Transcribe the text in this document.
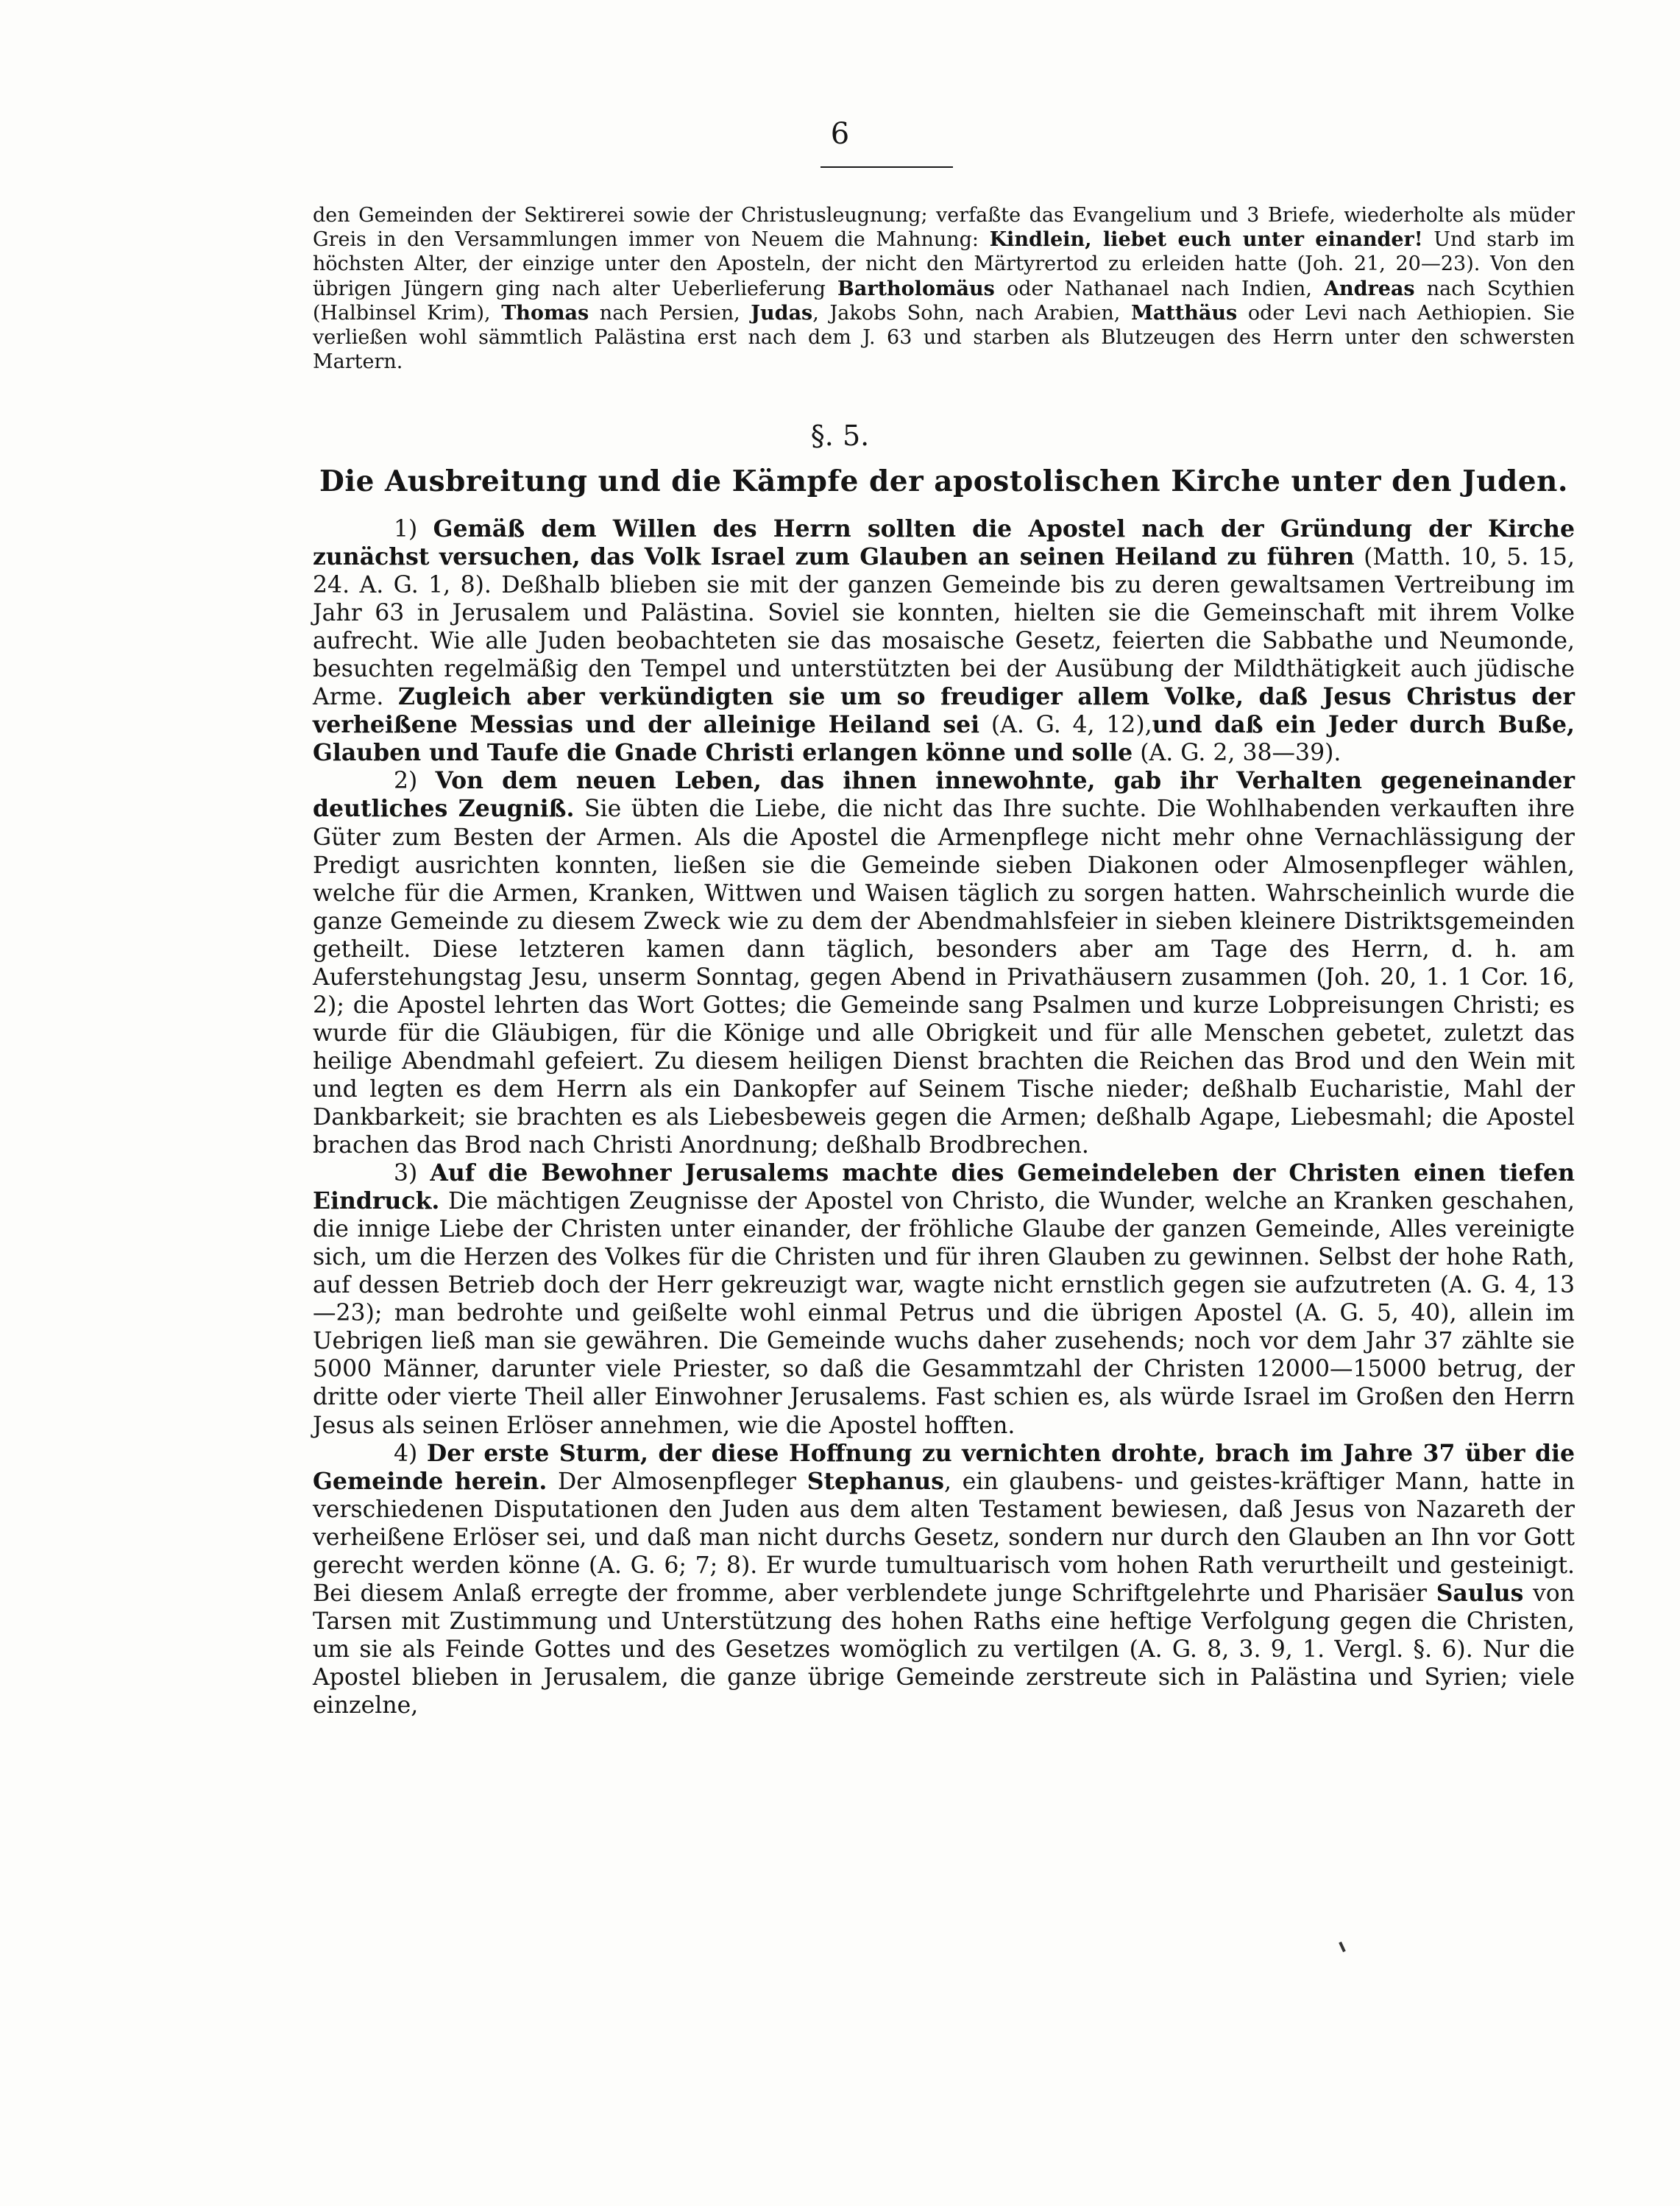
6
den Gemeinden der Sektirerei sowie der Christusleugnung; verfaßte das Evangelium und 3 Briefe, wiederholte als müder Greis in den Versammlungen immer von Neuem die Mahnung: Kindlein, liebet euch unter einander! Und starb im höchsten Alter, der einzige unter den Aposteln, der nicht den Märtyrertod zu erleiden hatte (Joh. 21, 20—23). Von den übrigen Jüngern ging nach alter Ueberlieferung Bartholomäus oder Nathanael nach Indien, Andreas nach Scythien (Halbinsel Krim), Thomas nach Persien, Judas, Jakobs Sohn, nach Arabien, Matthäus oder Levi nach Aethiopien. Sie verließen wohl sämmtlich Palästina erst nach dem J. 63 und starben als Blutzeugen des Herrn unter den schwersten Martern.
§. 5.
Die Ausbreitung und die Kämpfe der apostolischen Kirche unter den Juden.

1) Gemäß dem Willen des Herrn sollten die Apostel nach der Gründung der Kirche zunächst versuchen, das Volk Israel zum Glauben an seinen Heiland zu führen (Matth. 10, 5. 15, 24. A. G. 1, 8). Deßhalb blieben sie mit der ganzen Gemeinde bis zu deren gewaltsamen Vertreibung im Jahr 63 in Jerusalem und Palästina. Soviel sie konnten, hielten sie die Gemeinschaft mit ihrem Volke aufrecht. Wie alle Juden beobachteten sie das mosaische Gesetz, feierten die Sabbathe und Neumonde, besuchten regelmäßig den Tempel und unterstützten bei der Ausübung der Mildthätigkeit auch jüdische Arme. Zugleich aber verkündigten sie um so freudiger allem Volke, daß Jesus Christus der verheißene Messias und der alleinige Heiland sei (A. G. 4, 12),und daß ein Jeder durch Buße, Glauben und Taufe die Gnade Christi erlangen könne und solle (A. G. 2, 38—39).

2) Von dem neuen Leben, das ihnen innewohnte, gab ihr Verhalten gegeneinander deutliches Zeugniß. Sie übten die Liebe, die nicht das Ihre suchte. Die Wohlhabenden verkauften ihre Güter zum Besten der Armen. Als die Apostel die Armenpflege nicht mehr ohne Vernachlässigung der Predigt ausrichten konnten, ließen sie die Gemeinde sieben Diakonen oder Almosenpfleger wählen, welche für die Armen, Kranken, Wittwen und Waisen täglich zu sorgen hatten. Wahrscheinlich wurde die ganze Gemeinde zu diesem Zweck wie zu dem der Abendmahlsfeier in sieben kleinere Distriktsgemeinden getheilt. Diese letzteren kamen dann täglich, besonders aber am Tage des Herrn, d. h. am Auferstehungstag Jesu, unserm Sonntag, gegen Abend in Privathäusern zusammen (Joh. 20, 1. 1 Cor. 16, 2); die Apostel lehrten das Wort Gottes; die Gemeinde sang Psalmen und kurze Lobpreisungen Christi; es wurde für die Gläubigen, für die Könige und alle Obrigkeit und für alle Menschen gebetet, zuletzt das heilige Abendmahl gefeiert. Zu diesem heiligen Dienst brachten die Reichen das Brod und den Wein mit und legten es dem Herrn als ein Dankopfer auf Seinem Tische nieder; deßhalb Eucharistie, Mahl der Dankbarkeit; sie brachten es als Liebesbeweis gegen die Armen; deßhalb Agape, Liebesmahl; die Apostel brachen das Brod nach Christi Anordnung; deßhalb Brodbrechen.

3) Auf die Bewohner Jerusalems machte dies Gemeindeleben der Christen einen tiefen Eindruck. Die mächtigen Zeugnisse der Apostel von Christo, die Wunder, welche an Kranken geschahen, die innige Liebe der Christen unter einander, der fröhliche Glaube der ganzen Gemeinde, Alles vereinigte sich, um die Herzen des Volkes für die Christen und für ihren Glauben zu gewinnen. Selbst der hohe Rath, auf dessen Betrieb doch der Herr gekreuzigt war, wagte nicht ernstlich gegen sie aufzutreten (A. G. 4, 13—23); man bedrohte und geißelte wohl einmal Petrus und die übrigen Apostel (A. G. 5, 40), allein im Uebrigen ließ man sie gewähren. Die Gemeinde wuchs daher zusehends; noch vor dem Jahr 37 zählte sie 5000 Männer, darunter viele Priester, so daß die Gesammtzahl der Christen 12000—15000 betrug, der dritte oder vierte Theil aller Einwohner Jerusalems. Fast schien es, als würde Israel im Großen den Herrn Jesus als seinen Erlöser annehmen, wie die Apostel hofften.

4) Der erste Sturm, der diese Hoffnung zu vernichten drohte, brach im Jahre 37 über die Gemeinde herein. Der Almosenpfleger Stephanus, ein glaubens- und geistes-kräftiger Mann, hatte in verschiedenen Disputationen den Juden aus dem alten Testament bewiesen, daß Jesus von Nazareth der verheißene Erlöser sei, und daß man nicht durchs Gesetz, sondern nur durch den Glauben an Ihn vor Gott gerecht werden könne (A. G. 6; 7; 8). Er wurde tumultuarisch vom hohen Rath verurtheilt und gesteinigt. Bei diesem Anlaß erregte der fromme, aber verblendete junge Schriftgelehrte und Pharisäer Saulus von Tarsen mit Zustimmung und Unterstützung des hohen Raths eine heftige Verfolgung gegen die Christen, um sie als Feinde Gottes und des Gesetzes womöglich zu vertilgen (A. G. 8, 3. 9, 1. Vergl. §. 6). Nur die Apostel blieben in Jerusalem, die ganze übrige Gemeinde zerstreute sich in Palästina und Syrien; viele einzelne,
